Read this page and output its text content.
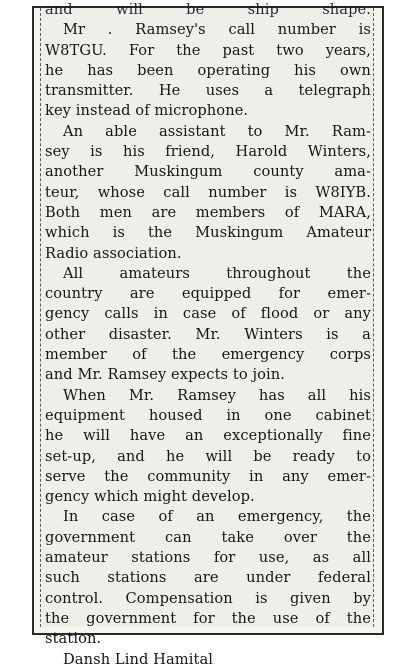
and will be ship shape.
Mr . Ramsey's call number is
W8TGU. For the past two years,
he has been operating his own
transmitter. He uses a telegraph
key instead of microphone.
An able assistant to Mr. Ram-
sey is his friend, Harold Winters,
another Muskingum county ama-
teur, whose call number is W8IYB.
Both men are members of MARA,
which is the Muskingum Amateur
Radio association.
All amateurs throughout the
country are equipped for emer-
gency calls in case of flood or any
other disaster. Mr. Winters is a
member of the emergency corps
and Mr. Ramsey expects to join.
When Mr. Ramsey has all his
equipment housed in one cabinet
he will have an exceptionally fine
set-up, and he will be ready to
serve the community in any emer-
gency which might develop.
In case of an emergency, the
government can take over the
amateur stations for use, as all
such stations are under federal
control. Compensation is given by
the government for the use of the
station.
Dansh Lind Hamital
